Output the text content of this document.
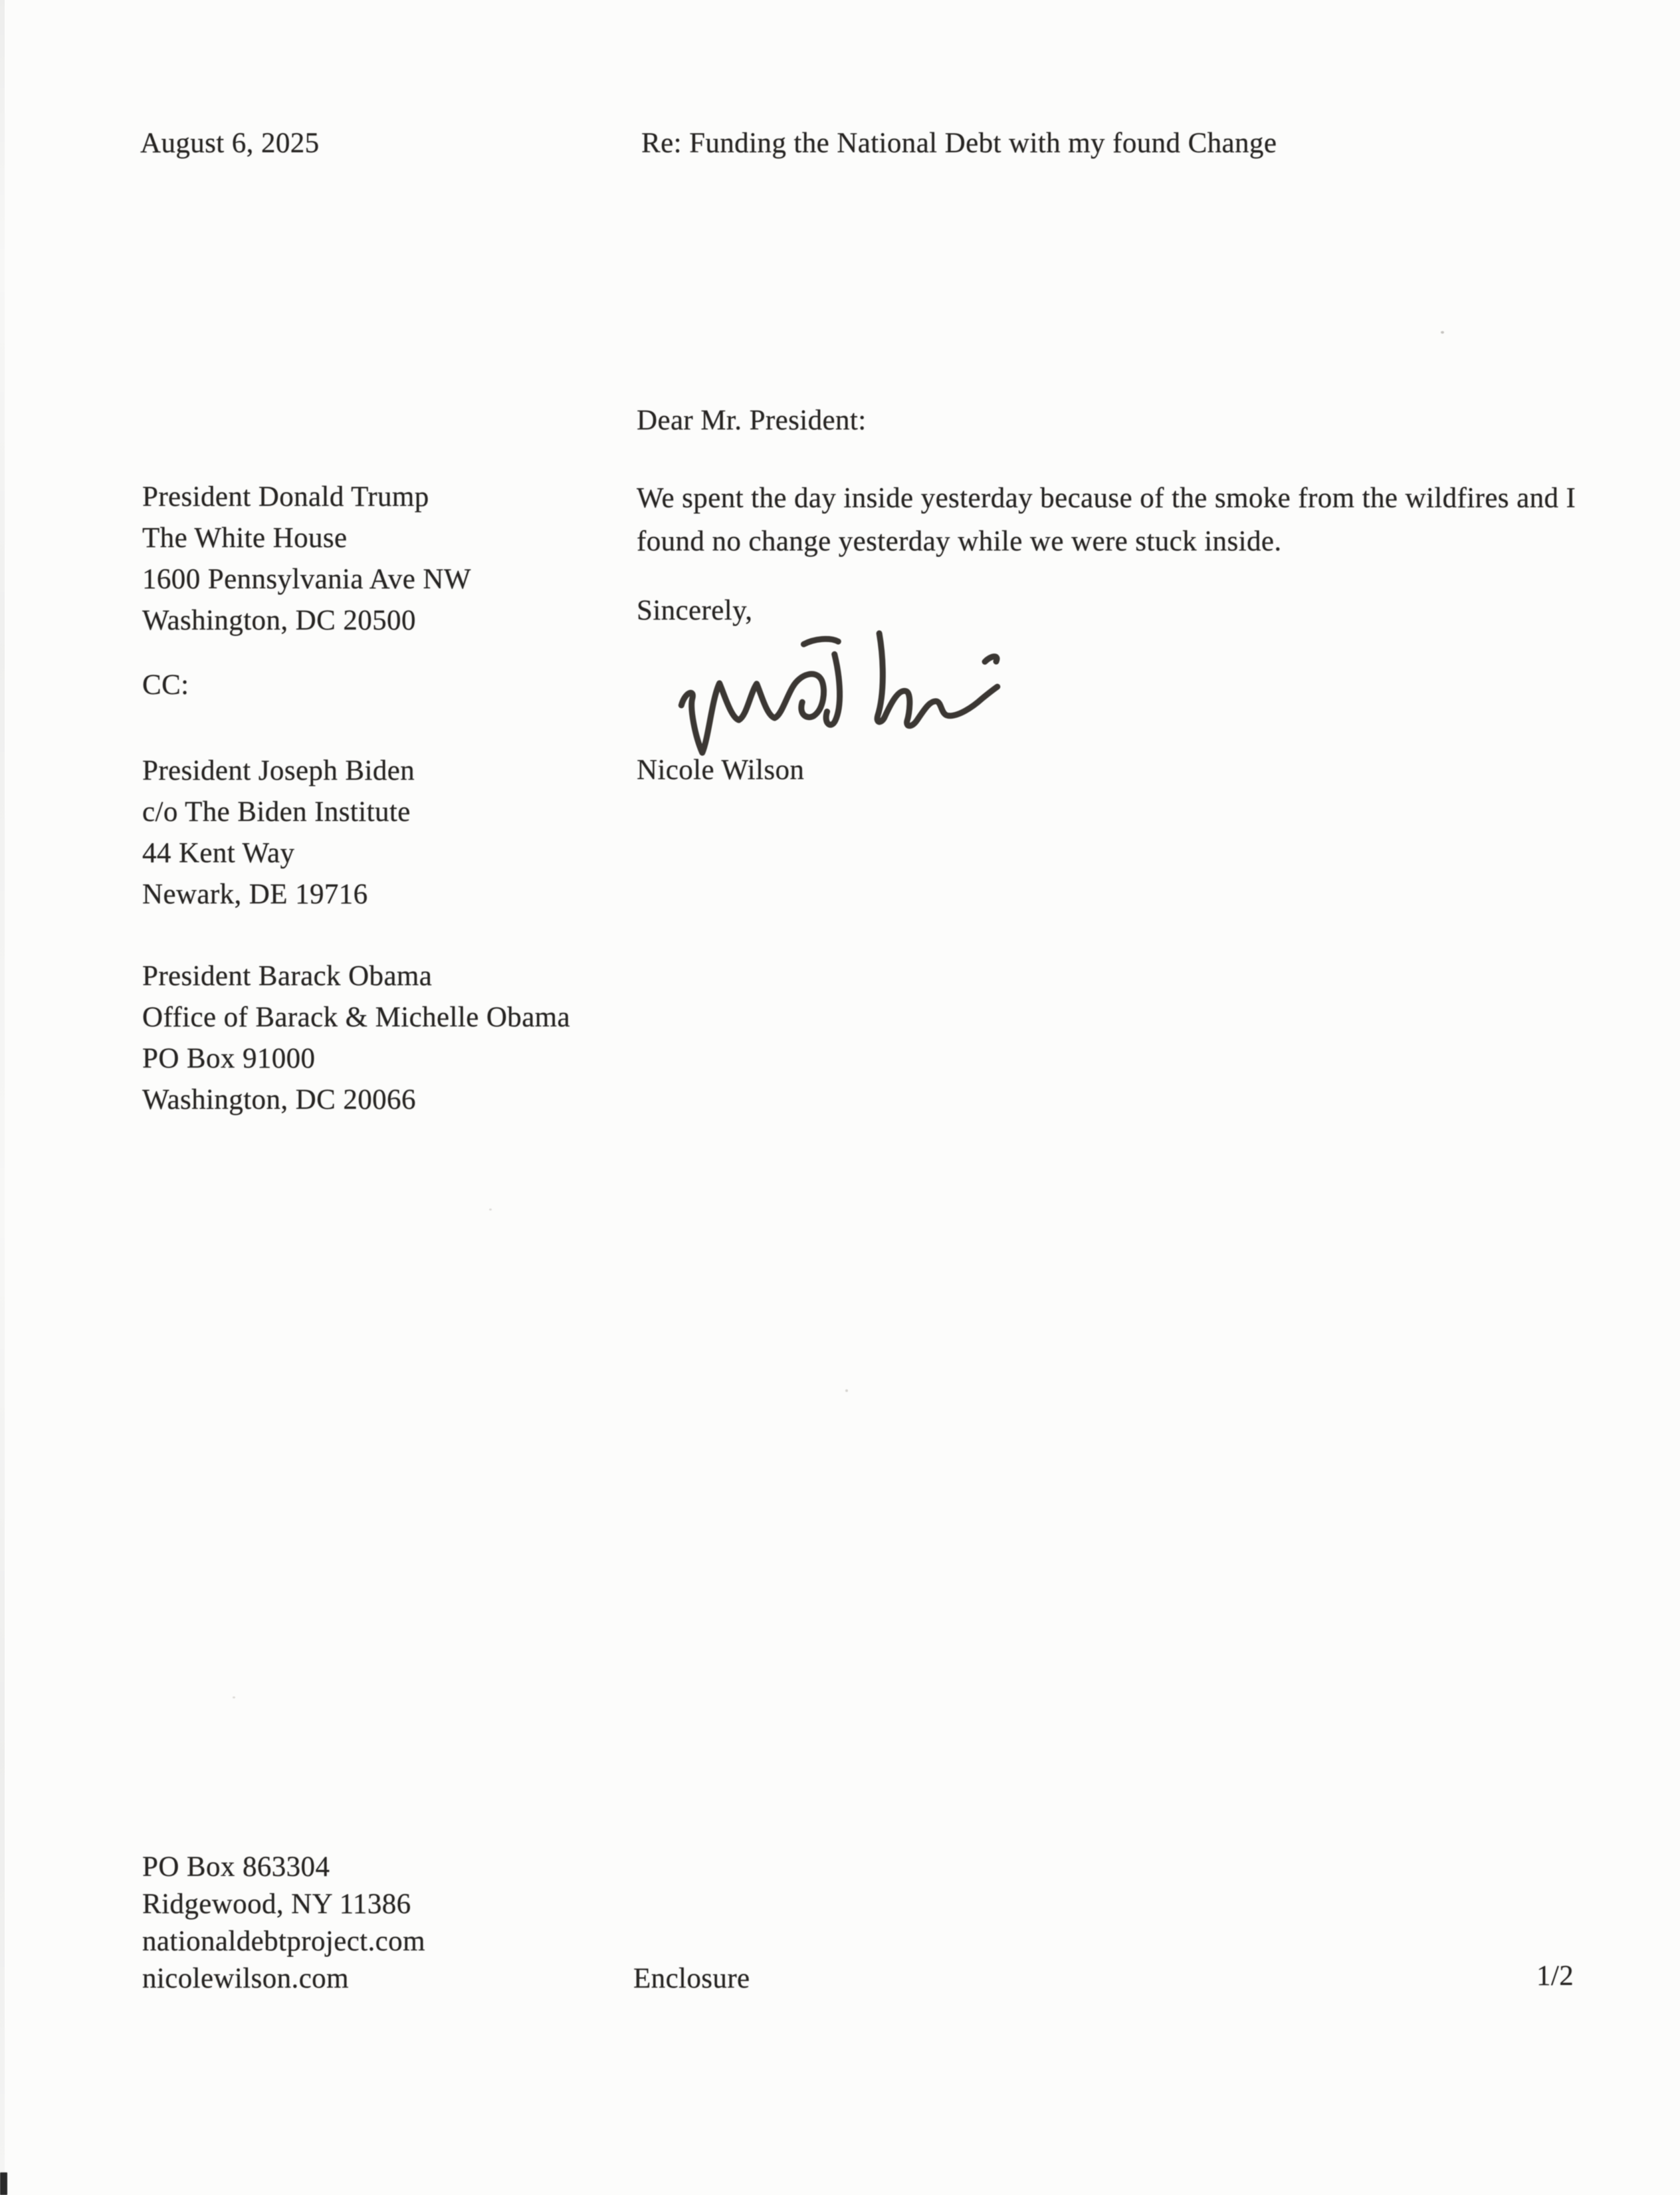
August 6, 2025	Re: Funding the National Debt with my found Change
Dear Mr. President:
President Donald Trump
The White House
1600 Pennsylvania Ave NW
Washington, DC 20500
We spent the day inside yesterday because of the smoke from the wildfires and I
found no change yesterday while we were stuck inside.
Sincerely,
Nicole Wilson
CC:
President Joseph Biden
c/o The Biden Institute
44 Kent Way
Newark, DE 19716
President Barack Obama
Office of Barack & Michelle Obama
PO Box 91000
Washington, DC 20066
PO Box 863304
Ridgewood, NY 11386
nationaldebtproject.com
nicolewilson.com	Enclosure	1/2
